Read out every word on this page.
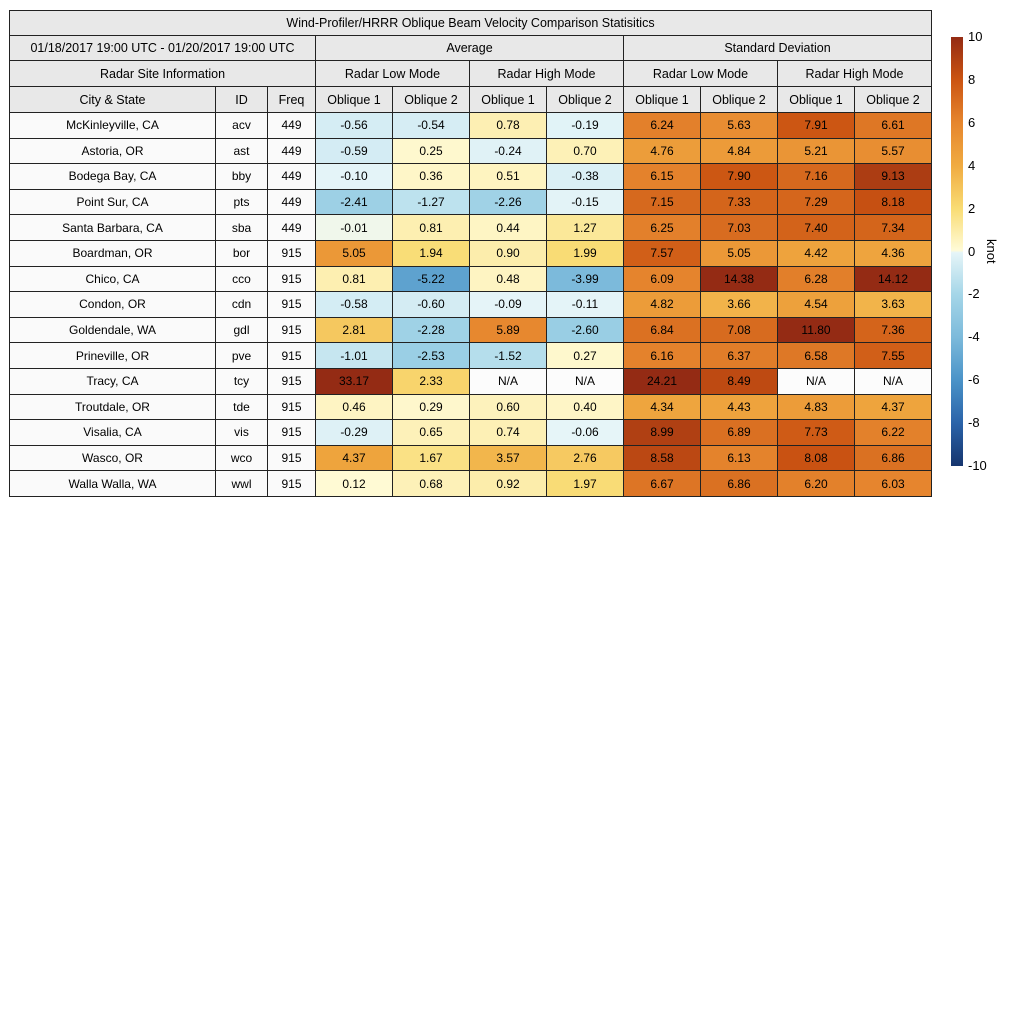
Wind-Profiler/HRRR Oblique Beam Velocity Comparison Statisitics										
01/18/2017 19:00 UTC - 01/20/2017 19:00 UTC			Average				Standard Deviation			
Radar Site Information			Radar Low Mode		Radar High Mode		Radar Low Mode		Radar High Mode	
City & State	ID	Freq	Oblique 1	Oblique 2	Oblique 1	Oblique 2	Oblique 1	Oblique 2	Oblique 1	Oblique 2
McKinleyville, CA	acv	449	-0.56	-0.54	0.78	-0.19	6.24	5.63	7.91	6.61
Astoria, OR	ast	449	-0.59	0.25	-0.24	0.70	4.76	4.84	5.21	5.57
Bodega Bay, CA	bby	449	-0.10	0.36	0.51	-0.38	6.15	7.90	7.16	9.13
Point Sur, CA	pts	449	-2.41	-1.27	-2.26	-0.15	7.15	7.33	7.29	8.18
Santa Barbara, CA	sba	449	-0.01	0.81	0.44	1.27	6.25	7.03	7.40	7.34
Boardman, OR	bor	915	5.05	1.94	0.90	1.99	7.57	5.05	4.42	4.36
Chico, CA	cco	915	0.81	-5.22	0.48	-3.99	6.09	14.38	6.28	14.12
Condon, OR	cdn	915	-0.58	-0.60	-0.09	-0.11	4.82	3.66	4.54	3.63
Goldendale, WA	gdl	915	2.81	-2.28	5.89	-2.60	6.84	7.08	11.80	7.36
Prineville, OR	pve	915	-1.01	-2.53	-1.52	0.27	6.16	6.37	6.58	7.55
Tracy, CA	tcy	915	33.17	2.33	N/A	N/A	24.21	8.49	N/A	N/A
Troutdale, OR	tde	915	0.46	0.29	0.60	0.40	4.34	4.43	4.83	4.37
Visalia, CA	vis	915	-0.29	0.65	0.74	-0.06	8.99	6.89	7.73	6.22
Wasco, OR	wco	915	4.37	1.67	3.57	2.76	8.58	6.13	8.08	6.86
Walla Walla, WA	wwl	915	0.12	0.68	0.92	1.97	6.67	6.86	6.20	6.03
10
8
6
4
2
0
-2
-4
-6
-8
-10
knot
